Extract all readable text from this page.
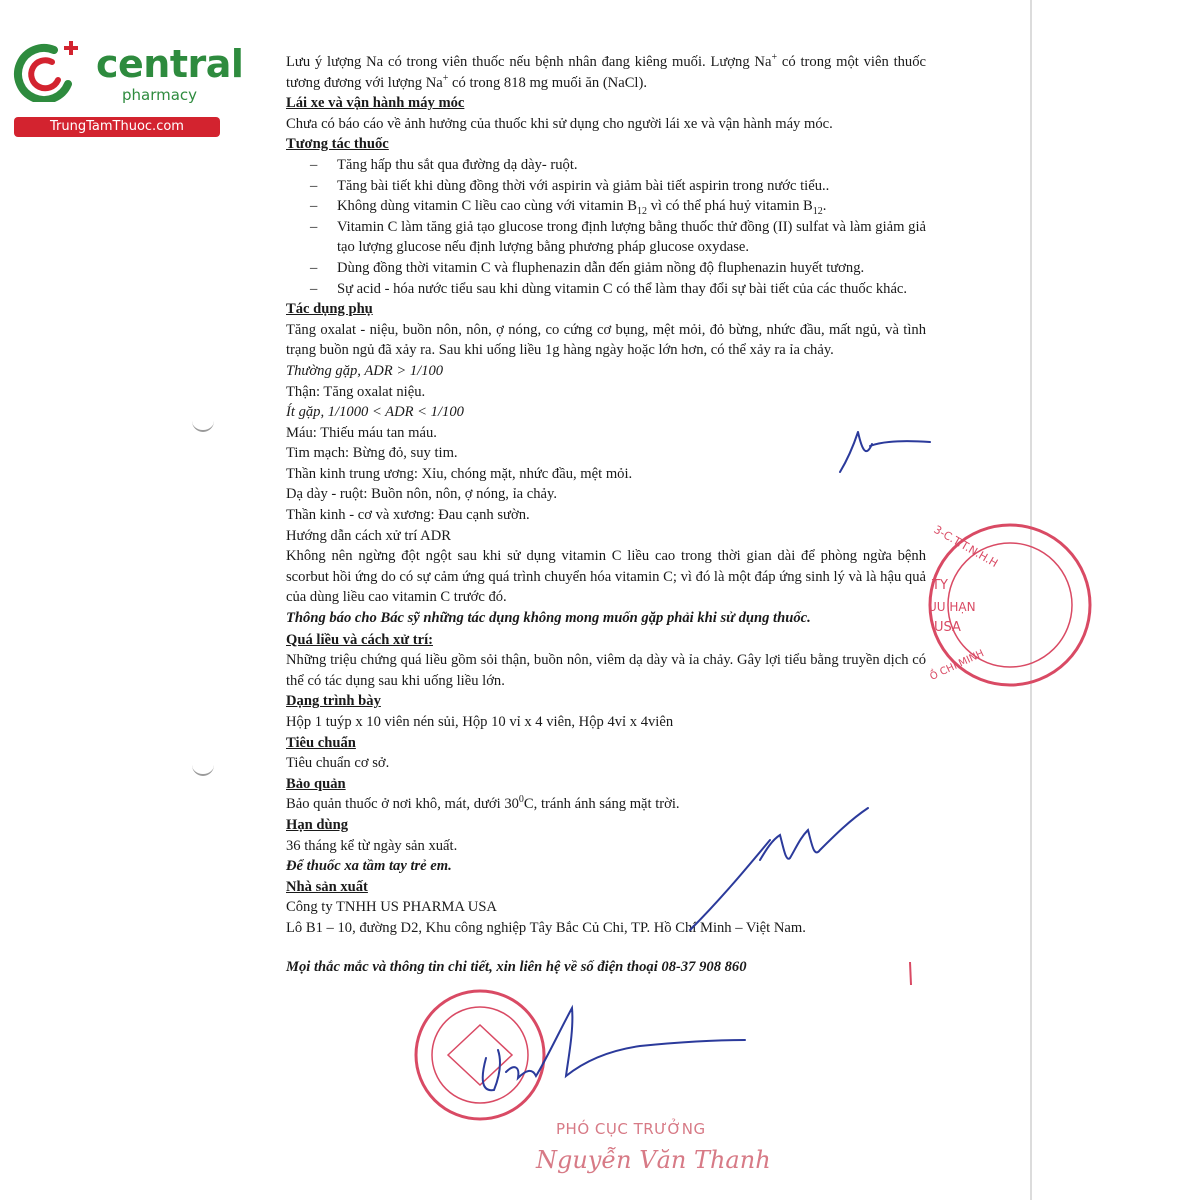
central
pharmacy
TrungTamThuoc.com

Lưu ý lượng Na có trong viên thuốc nếu bệnh nhân đang kiêng muối. Lượng Na+ có trong một viên thuốc tương đương với lượng Na+ có trong 818 mg muối ăn (NaCl).

Lái xe và vận hành máy móc

Chưa có báo cáo về ảnh hưởng của thuốc khi sử dụng cho người lái xe và vận hành máy móc.

Tương tác thuốc

– Tăng hấp thu sắt qua đường dạ dày- ruột.
– Tăng bài tiết khi dùng đồng thời với aspirin và giảm bài tiết aspirin trong nước tiểu..
– Không dùng vitamin C liều cao cùng với vitamin $B_{12}$ vì có thể phá huỷ vitamin $B_{12}$.
– Vitamin C làm tăng giả tạo glucose trong định lượng bằng thuốc thử đồng (II) sulfat và làm giảm giả tạo lượng glucose nếu định lượng bằng phương pháp glucose oxydase.
– Dùng đồng thời vitamin C và fluphenazin dẫn đến giảm nồng độ fluphenazin huyết tương.
– Sự acid - hóa nước tiểu sau khi dùng vitamin C có thể làm thay đổi sự bài tiết của các thuốc khác.

Tác dụng phụ

Tăng oxalat - niệu, buồn nôn, nôn, ợ nóng, co cứng cơ bụng, mệt mỏi, đỏ bừng, nhức đầu, mất ngủ, và tình trạng buồn ngủ đã xảy ra. Sau khi uống liều 1g hàng ngày hoặc lớn hơn, có thể xảy ra ỉa chảy.

Thường gặp, ADR > 1/100

Thận: Tăng oxalat niệu.

Ít gặp, 1/1000 < ADR < 1/100

Máu: Thiếu máu tan máu.

Tim mạch: Bừng đỏ, suy tim.

Thần kinh trung ương: Xỉu, chóng mặt, nhức đầu, mệt mỏi.

Dạ dày - ruột: Buồn nôn, nôn, ợ nóng, ỉa chảy.

Thần kinh - cơ và xương: Đau cạnh sườn.

Hướng dẫn cách xử trí ADR

Không nên ngừng đột ngột sau khi sử dụng vitamin C liều cao trong thời gian dài để phòng ngừa bệnh scorbut hồi ứng do có sự cảm ứng quá trình chuyển hóa vitamin C; vì đó là một đáp ứng sinh lý và là hậu quả của dùng liều cao vitamin C trước đó.

Thông báo cho Bác sỹ những tác dụng không mong muốn gặp phải khi sử dụng thuốc.

Quá liều và cách xử trí:

Những triệu chứng quá liều gồm sỏi thận, buồn nôn, viêm dạ dày và ỉa chảy. Gây lợi tiểu bằng truyền dịch có thể có tác dụng sau khi uống liều lớn.

Dạng trình bày

Hộp 1 tuýp x 10 viên nén sủi, Hộp 10 vỉ x 4 viên, Hộp 4vỉ x 4viên

Tiêu chuẩn

Tiêu chuẩn cơ sở.

Bảo quản

Bảo quản thuốc ở nơi khô, mát, dưới $30^0C$, tránh ánh sáng mặt trời.

Hạn dùng

36 tháng kể từ ngày sản xuất.

Để thuốc xa tầm tay trẻ em.

Nhà sản xuất

Công ty TNHH US PHARMA USA

Lô B1 – 10, đường D2, Khu công nghiệp Tây Bắc Củ Chi, TP. Hồ Chí Minh – Việt Nam.

Mọi thắc mắc và thông tin chi tiết, xin liên hệ về số điện thoại 08-37 908 860

3-C.T.T.N.H.H
TY
UU HẠN
USA
Ồ CHÍ MINH
PHÓ CỤC TRƯỞNG
Nguyễn Văn Thanh
